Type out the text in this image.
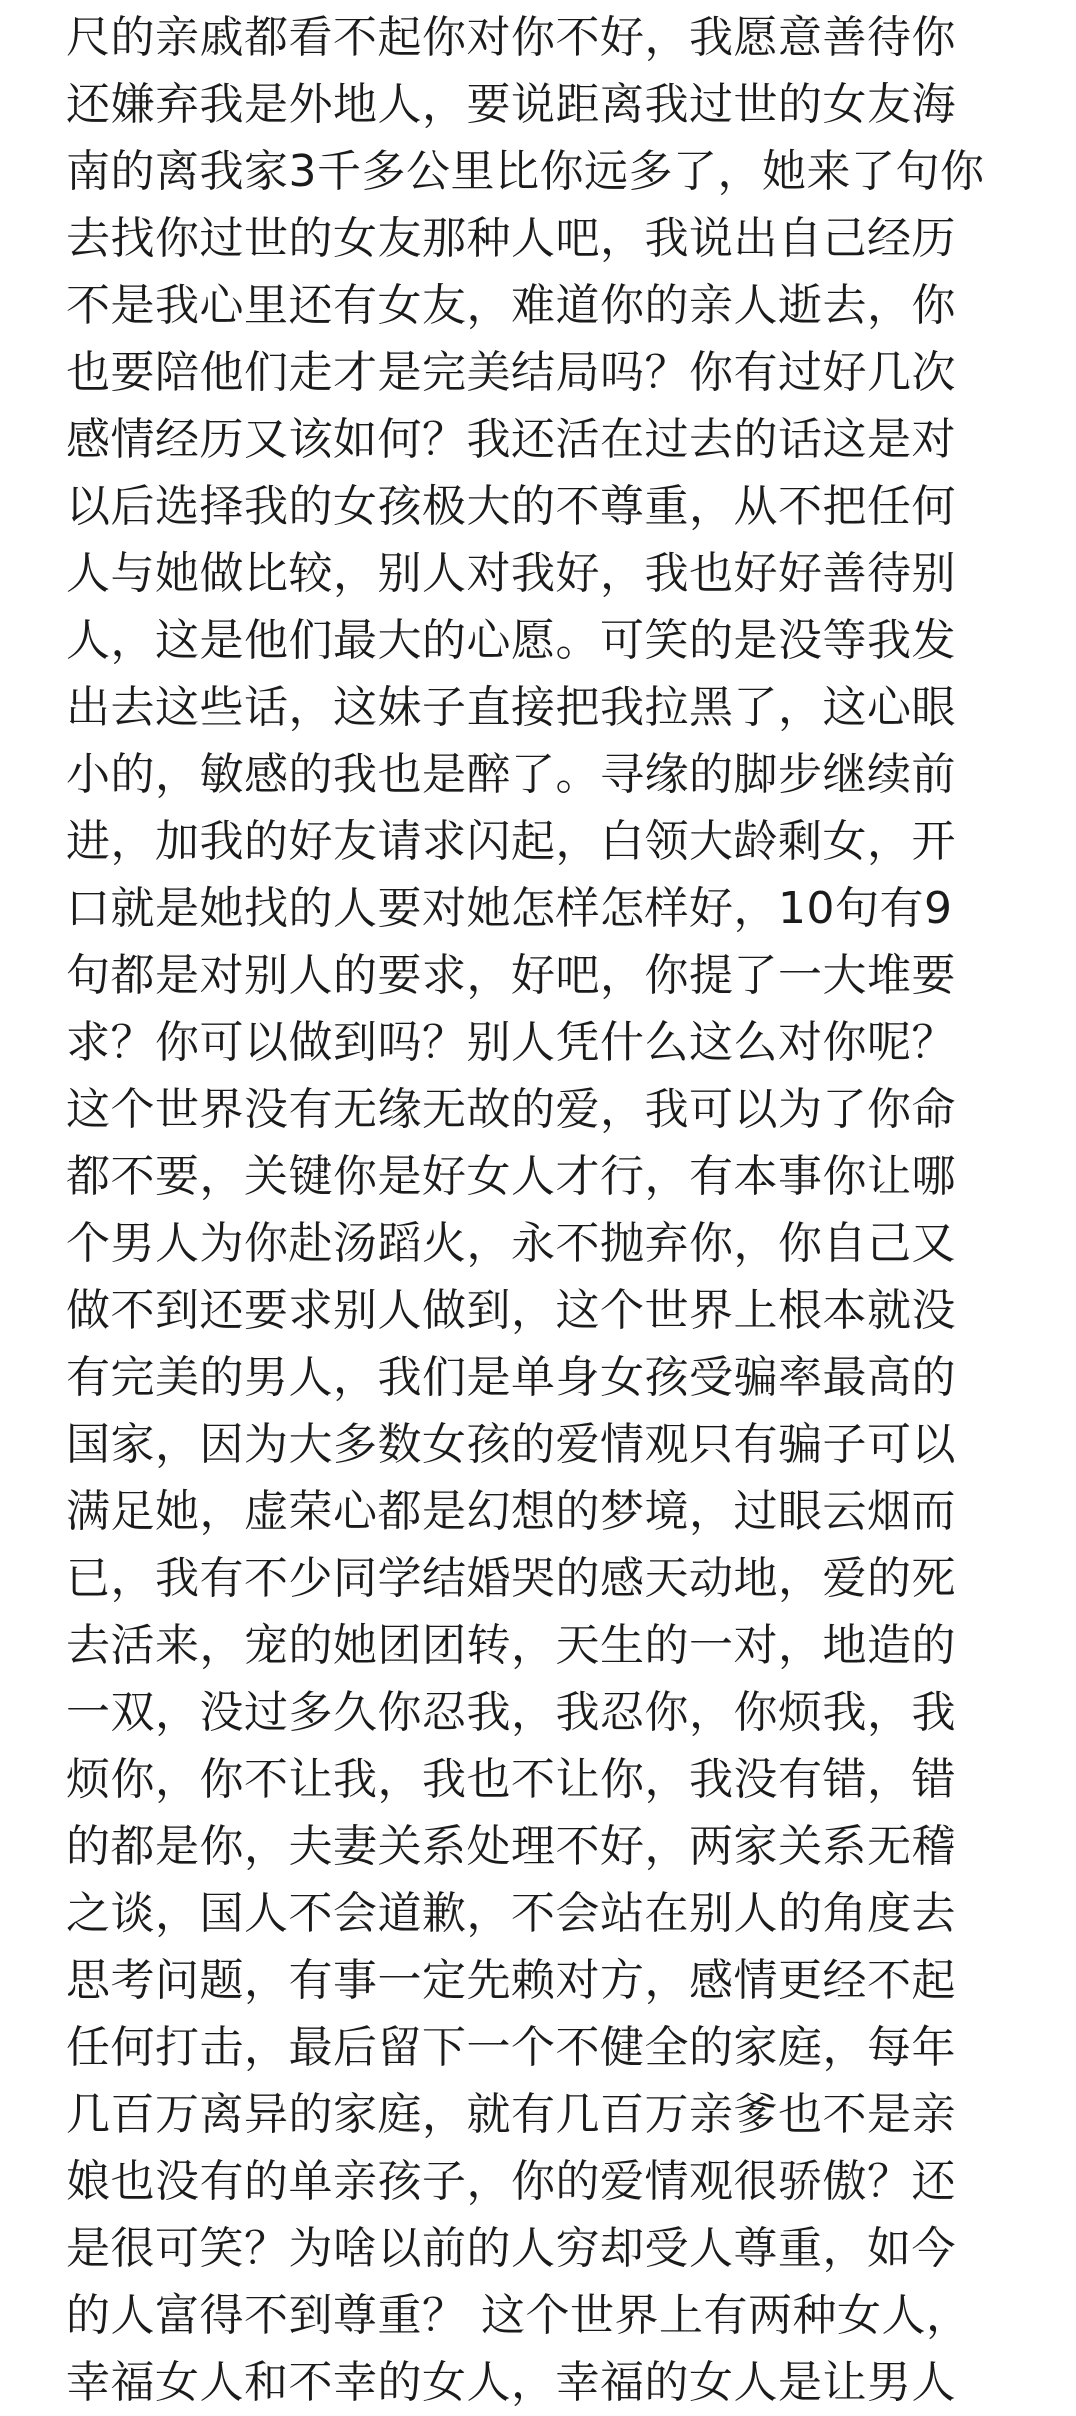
尺的亲戚都看不起你对你不好，我愿意善待你
还嫌弃我是外地人，要说距离我过世的女友海
南的离我家3千多公里比你远多了，她来了句你
去找你过世的女友那种人吧，我说出自己经历
不是我心里还有女友，难道你的亲人逝去，你
也要陪他们走才是完美结局吗？你有过好几次
感情经历又该如何？我还活在过去的话这是对
以后选择我的女孩极大的不尊重，从不把任何
人与她做比较，别人对我好，我也好好善待别
人，这是他们最大的心愿。可笑的是没等我发
出去这些话，这妹子直接把我拉黑了，这心眼
小的，敏感的我也是醉了。寻缘的脚步继续前
进，加我的好友请求闪起，白领大龄剩女，开
口就是她找的人要对她怎样怎样好，10句有9
句都是对别人的要求，好吧，你提了一大堆要
求？你可以做到吗？别人凭什么这么对你呢？
这个世界没有无缘无故的爱，我可以为了你命
都不要，关键你是好女人才行，有本事你让哪
个男人为你赴汤蹈火，永不抛弃你，你自己又
做不到还要求别人做到，这个世界上根本就没
有完美的男人，我们是单身女孩受骗率最高的
国家，因为大多数女孩的爱情观只有骗子可以
满足她，虚荣心都是幻想的梦境，过眼云烟而
已，我有不少同学结婚哭的感天动地，爱的死
去活来，宠的她团团转，天生的一对，地造的
一双，没过多久你忍我，我忍你，你烦我，我
烦你，你不让我，我也不让你，我没有错，错
的都是你，夫妻关系处理不好，两家关系无稽
之谈，国人不会道歉，不会站在别人的角度去
思考问题，有事一定先赖对方，感情更经不起
任何打击，最后留下一个不健全的家庭，每年
几百万离异的家庭，就有几百万亲爹也不是亲
娘也没有的单亲孩子，你的爱情观很骄傲？还
是很可笑？为啥以前的人穷却受人尊重，如今
的人富得不到尊重？ 这个世界上有两种女人，
幸福女人和不幸的女人，幸福的女人是让男人
